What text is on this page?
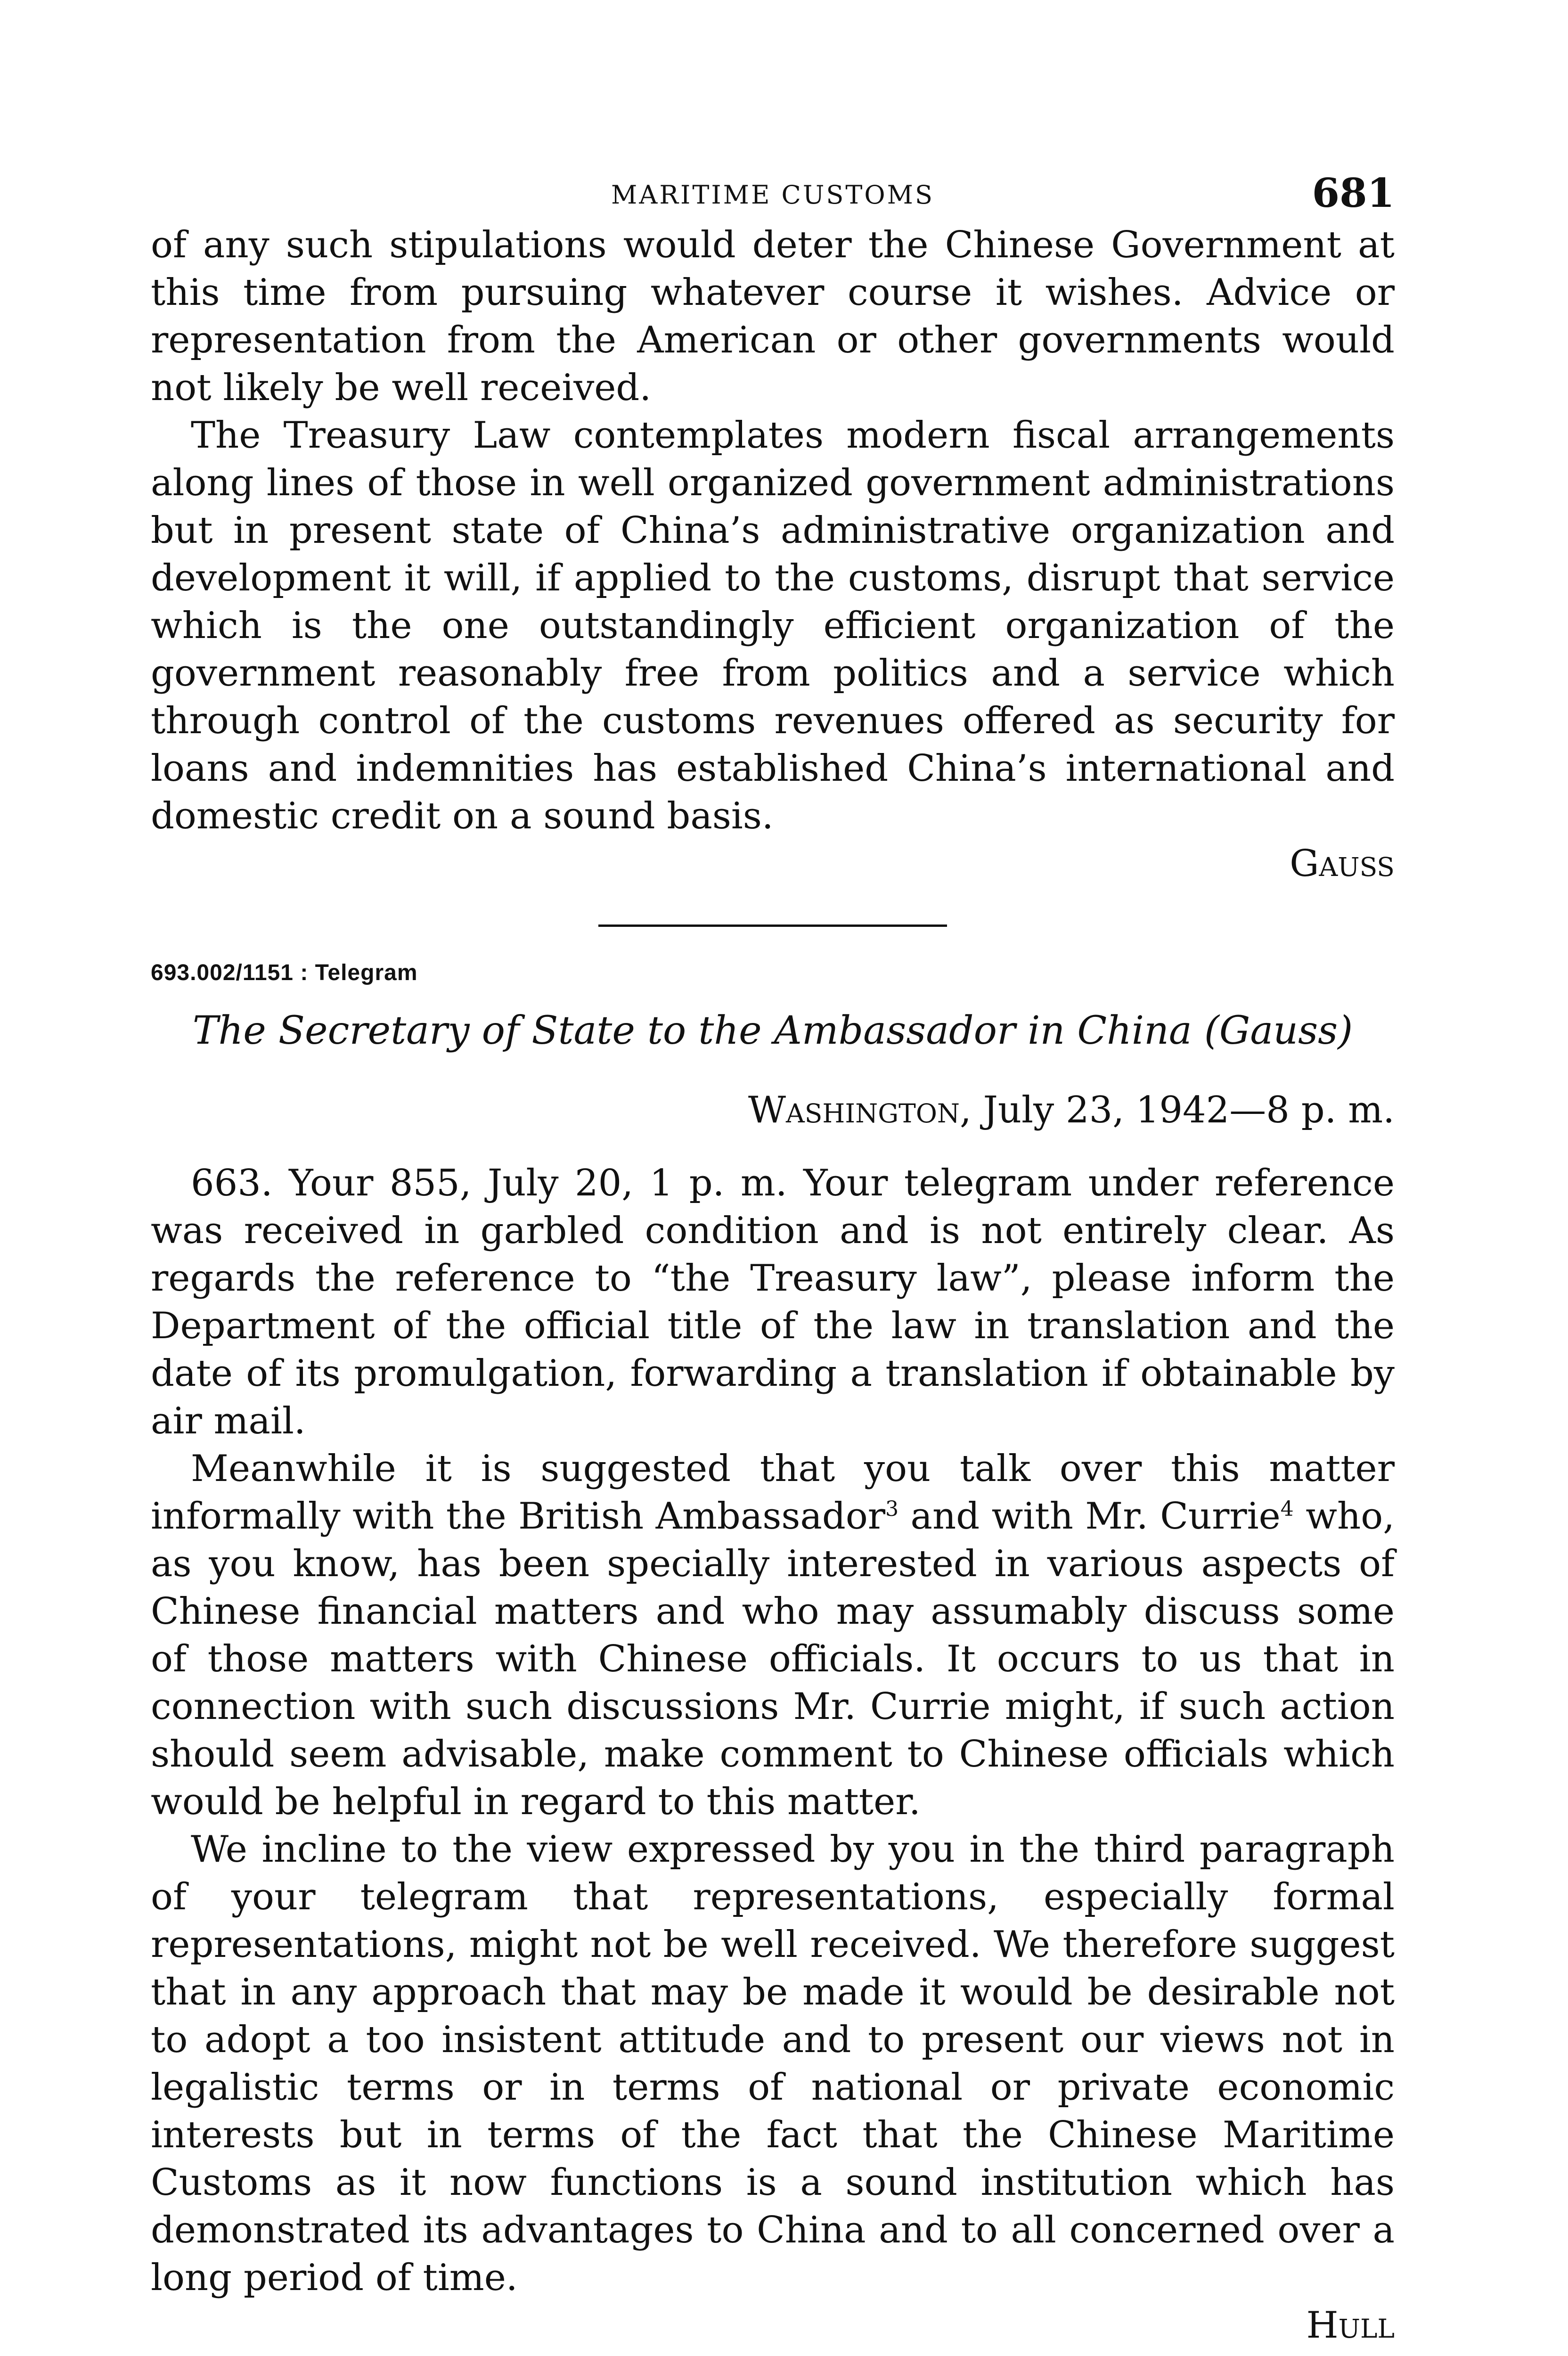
MARITIME CUSTOMS	681

of any such stipulations would deter the Chinese Government at this time from pursuing whatever course it wishes. Advice or representation from the American or other governments would not likely be well received.

The Treasury Law contemplates modern fiscal arrangements along lines of those in well organized government administrations but in present state of China’s administrative organization and development it will, if applied to the customs, disrupt that service which is the one outstandingly efficient organization of the government reasonably free from politics and a service which through control of the customs revenues offered as security for loans and indemnities has established China’s international and domestic credit on a sound basis.

Gauss
693.002/1151 : Telegram
The Secretary of State to the Ambassador in China (Gauss)
Washington, July 23, 1942—8 p. m.

663. Your 855, July 20, 1 p. m. Your telegram under reference was received in garbled condition and is not entirely clear. As regards the reference to “the Treasury law”, please inform the Department of the official title of the law in translation and the date of its promulgation, forwarding a translation if obtainable by air mail.

Meanwhile it is suggested that you talk over this matter informally with the British Ambassador$^3$ and with Mr. Currie$^4$ who, as you know, has been specially interested in various aspects of Chinese financial matters and who may assumably discuss some of those matters with Chinese officials. It occurs to us that in connection with such discussions Mr. Currie might, if such action should seem advisable, make comment to Chinese officials which would be helpful in regard to this matter.

We incline to the view expressed by you in the third paragraph of your telegram that representations, especially formal representations, might not be well received. We therefore suggest that in any approach that may be made it would be desirable not to adopt a too insistent attitude and to present our views not in legalistic terms or in terms of national or private economic interests but in terms of the fact that the Chinese Maritime Customs as it now functions is a sound institution which has demonstrated its advantages to China and to all concerned over a long period of time.

Hull
